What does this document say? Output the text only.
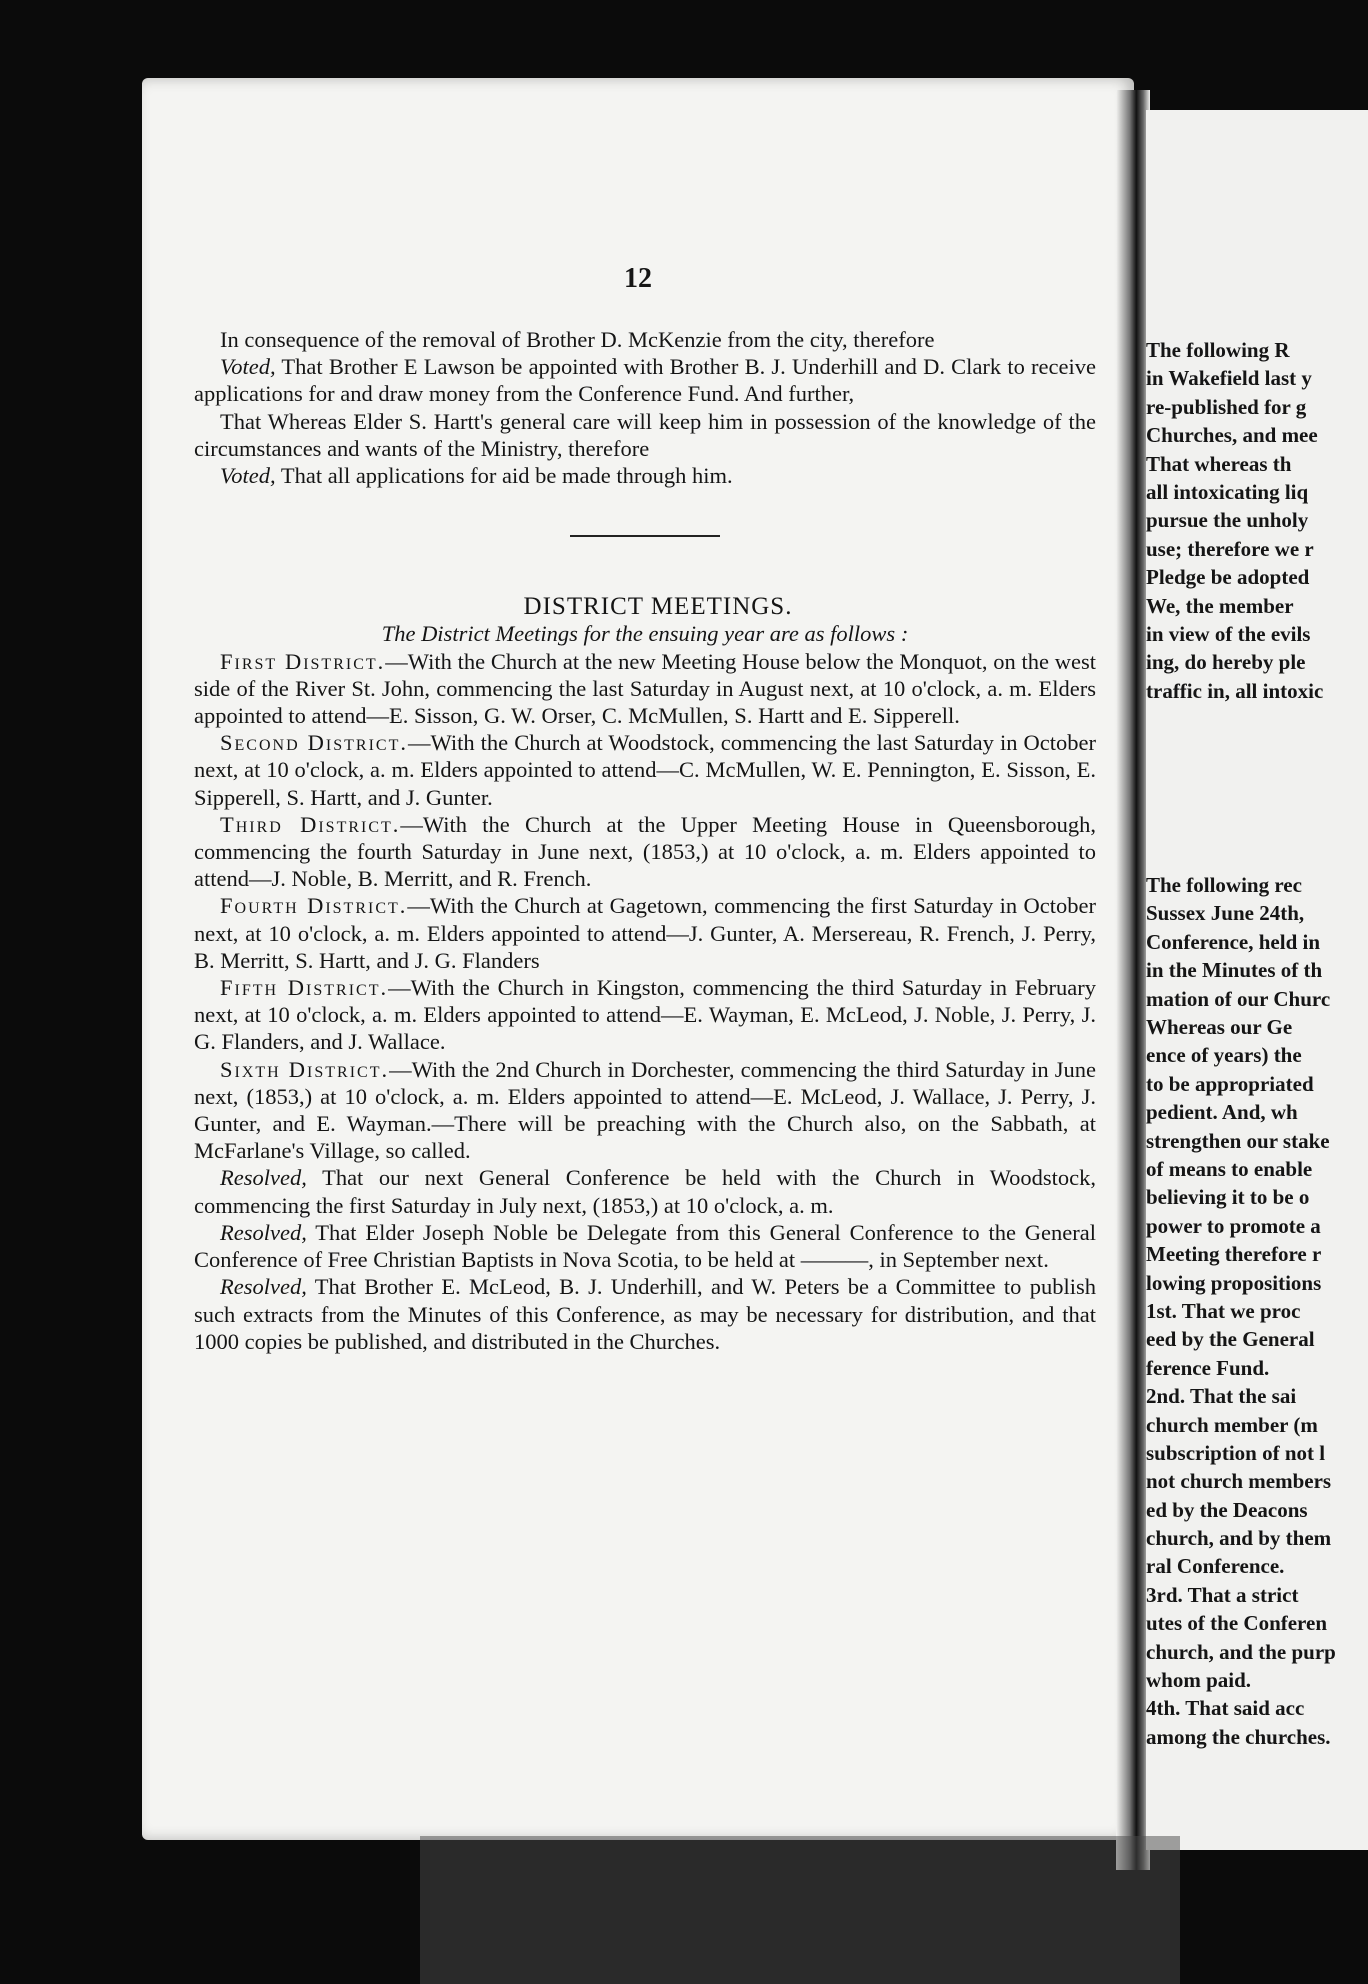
12

In consequence of the removal of Brother D. McKenzie from the city, therefore

Voted, That Brother E Lawson be appointed with Brother B. J. Underhill and D. Clark to receive applications for and draw money from the Conference Fund. And further,

That Whereas Elder S. Hartt's general care will keep him in possession of the knowledge of the circumstances and wants of the Ministry, therefore

Voted, That all applications for aid be made through him.

DISTRICT MEETINGS.

The District Meetings for the ensuing year are as follows :

First District.—With the Church at the new Meeting House below the Monquot, on the west side of the River St. John, commencing the last Saturday in August next, at 10 o'clock, a. m. Elders appointed to attend—E. Sisson, G. W. Orser, C. McMullen, S. Hartt and E. Sipperell.

Second District.—With the Church at Woodstock, commencing the last Saturday in October next, at 10 o'clock, a. m. Elders appointed to attend—C. McMullen, W. E. Pennington, E. Sisson, E. Sipperell, S. Hartt, and J. Gunter.

Third District.—With the Church at the Upper Meeting House in Queensborough, commencing the fourth Saturday in June next, (1853,) at 10 o'clock, a. m. Elders appointed to attend—J. Noble, B. Merritt, and R. French.

Fourth District.—With the Church at Gagetown, commencing the first Saturday in October next, at 10 o'clock, a. m. Elders appointed to attend—J. Gunter, A. Mersereau, R. French, J. Perry, B. Merritt, S. Hartt, and J. G. Flanders

Fifth District.—With the Church in Kingston, commencing the third Saturday in February next, at 10 o'clock, a. m. Elders appointed to attend—E. Wayman, E. McLeod, J. Noble, J. Perry, J. G. Flanders, and J. Wallace.

Sixth District.—With the 2nd Church in Dorchester, commencing the third Saturday in June next, (1853,) at 10 o'clock, a. m. Elders appointed to attend—E. McLeod, J. Wallace, J. Perry, J. Gunter, and E. Wayman.—There will be preaching with the Church also, on the Sabbath, at McFarlane's Village, so called.

Resolved, That our next General Conference be held with the Church in Woodstock, commencing the first Saturday in July next, (1853,) at 10 o'clock, a. m.

Resolved, That Elder Joseph Noble be Delegate from this General Conference to the General Conference of Free Christian Baptists in Nova Scotia, to be held at ———, in September next.

Resolved, That Brother E. McLeod, B. J. Underhill, and W. Peters be a Committee to publish such extracts from the Minutes of this Conference, as may be necessary for distribution, and that 1000 copies be published, and distributed in the Churches.

The following R
in Wakefield last y
re-published for g
Churches, and mee
That whereas th
all intoxicating liq
pursue the unholy
use; therefore we r
Pledge be adopted
We, the member
in view of the evils
ing, do hereby ple
traffic in, all intoxic
The following rec
Sussex June 24th,
Conference, held in
in the Minutes of th
mation of our Churc
Whereas our Ge
ence of years) the
to be appropriated
pedient. And, wh
strengthen our stake
of means to enable
believing it to be o
power to promote a
Meeting therefore r
lowing propositions
1st. That we proc
eed by the General
ference Fund.
2nd. That the sai
church member (m
subscription of not l
not church members
ed by the Deacons
church, and by them
ral Conference.
3rd. That a strict
utes of the Conferen
church, and the purp
whom paid.
4th. That said acc
among the churches.
